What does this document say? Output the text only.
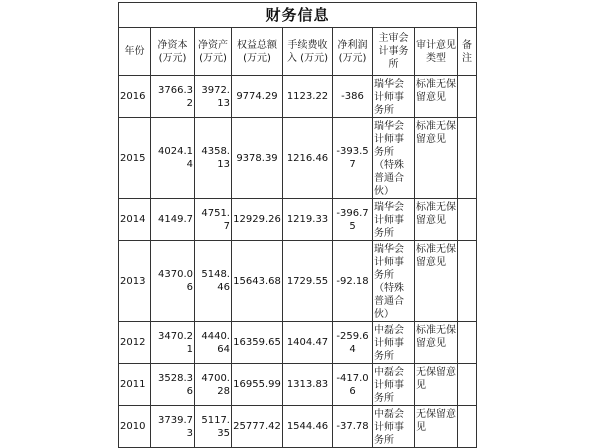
财务信息								
年份	净资本 (万元)	净资产 (万元)	权益总额 (万元)	手续费收入 (万元)	净利润 (万元)	主审会计事务所	审计意见类型	备注
2016	3766.32	3972.13	9774.29	1123.22	-386	瑞华会计师事务所	标准无保留意见	
2015	4024.14	4358.13	9378.39	1216.46	-393.57	瑞华会计师事务所（特殊普通合伙）	标准无保留意见	
2014	4149.7	4751.7	12929.26	1219.33	-396.75	瑞华会计师事务所	标准无保留意见	
2013	4370.06	5148.46	15643.68	1729.55	-92.18	瑞华会计师事务所（特殊普通合伙）	标准无保留意见	
2012	3470.21	4440.64	16359.65	1404.47	-259.64	中磊会计师事务所	标准无保留意见	
2011	3528.36	4700.28	16955.99	1313.83	-417.06	中磊会计师事务所	无保留意见	
2010	3739.73	5117.35	25777.42	1544.46	-37.78	中磊会计师事务所	无保留意见	
